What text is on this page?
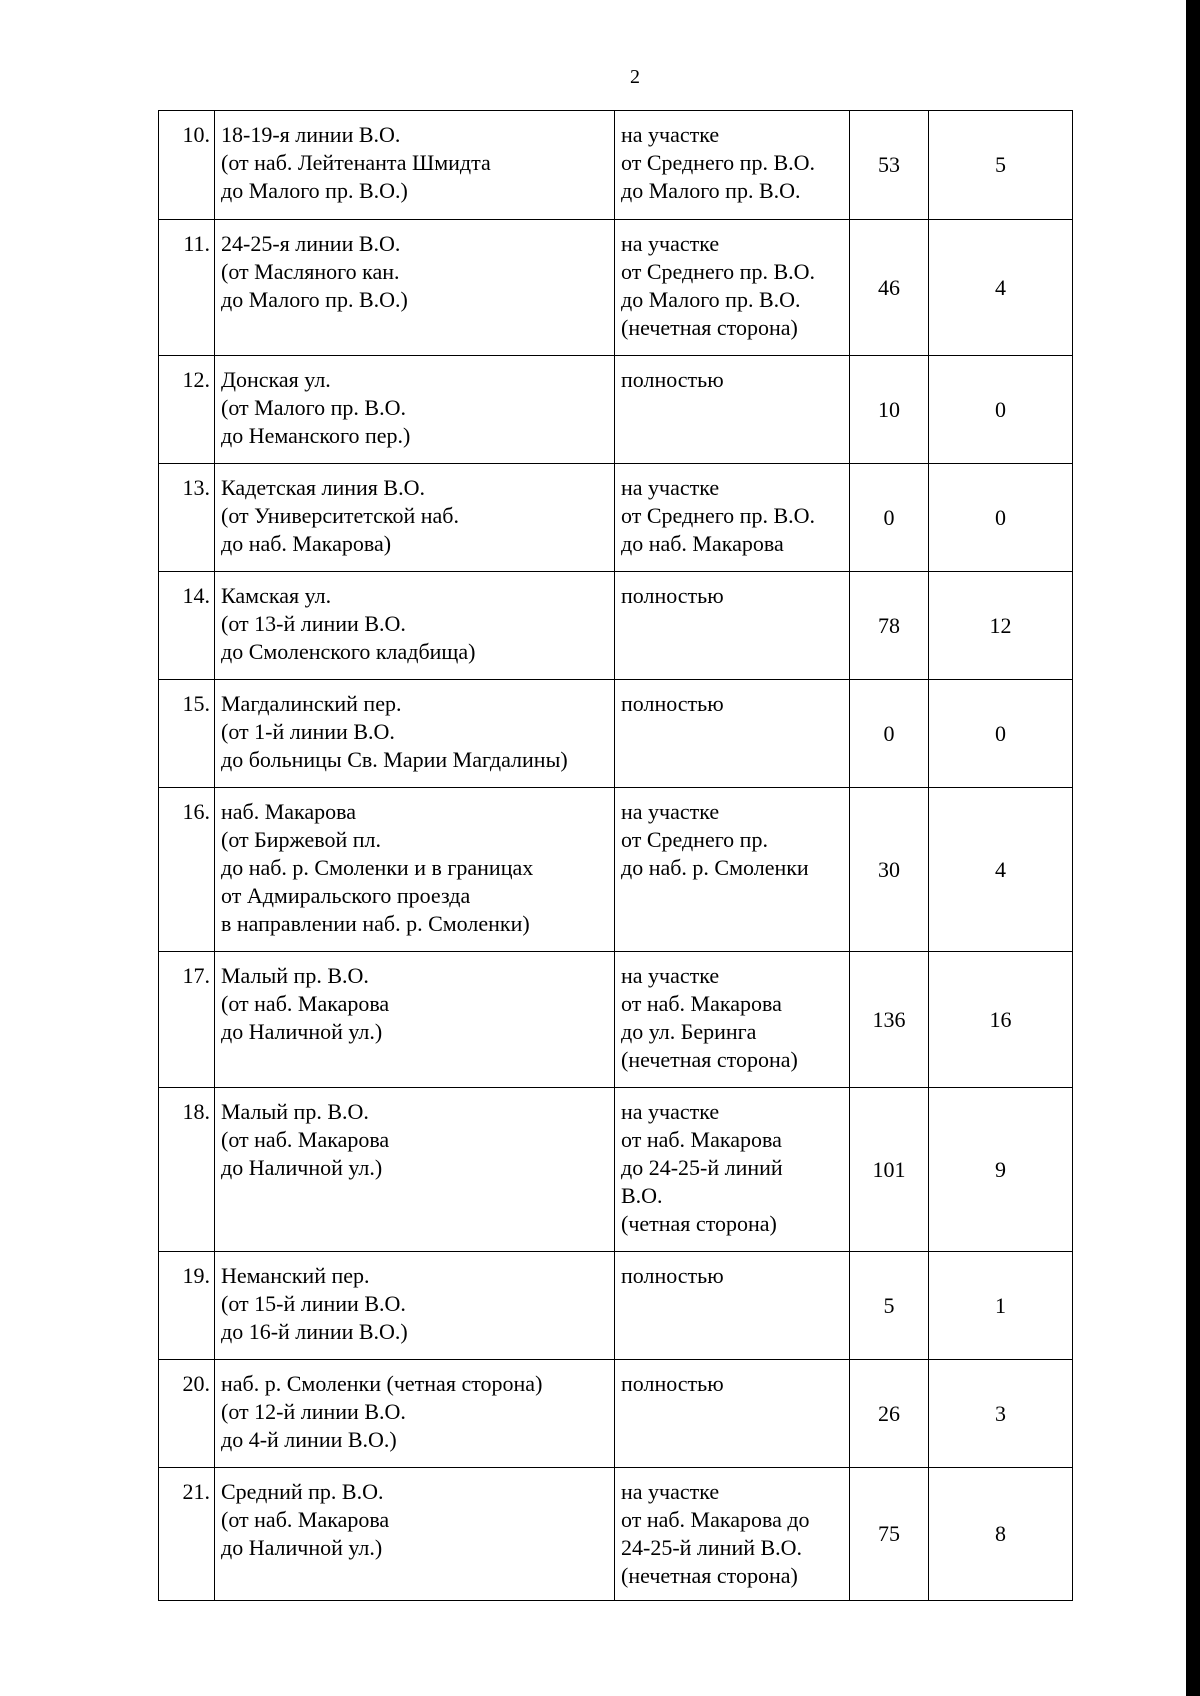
2
10.	18-19-я линии В.О.
(от наб. Лейтенанта Шмидта
до Малого пр. В.О.)	на участке
от Среднего пр. В.О.
до Малого пр. В.О.	53	5
11.	24-25-я линии В.О.
(от Масляного кан.
до Малого пр. В.О.)	на участке
от Среднего пр. В.О.
до Малого пр. В.О.
(нечетная сторона)	46	4
12.	Донская ул.
(от Малого пр. В.О.
до Неманского пер.)	полностью	10	0
13.	Кадетская линия В.О.
(от Университетской наб.
до наб. Макарова)	на участке
от Среднего пр. В.О.
до наб. Макарова	0	0
14.	Камская ул.
(от 13-й линии В.О.
до Смоленского кладбища)	полностью	78	12
15.	Магдалинский пер.
(от 1-й линии В.О.
до больницы Св. Марии Магдалины)	полностью	0	0
16.	наб. Макарова
(от Биржевой пл.
до наб. р. Смоленки и в границах
от Адмиральского проезда
в направлении наб. р. Смоленки)	на участке
от Среднего пр.
до наб. р. Смоленки	30	4
17.	Малый пр. В.О.
(от наб. Макарова
до Наличной ул.)	на участке
от наб. Макарова
до ул. Беринга
(нечетная сторона)	136	16
18.	Малый пр. В.О.
(от наб. Макарова
до Наличной ул.)	на участке
от наб. Макарова
до 24-25-й линий
В.О.
(четная сторона)	101	9
19.	Неманский пер.
(от 15-й линии В.О.
до 16-й линии В.О.)	полностью	5	1
20.	наб. р. Смоленки (четная сторона)
(от 12-й линии В.О.
до 4-й линии В.О.)	полностью	26	3
21.	Средний пр. В.О.
(от наб. Макарова
до Наличной ул.)	на участке
от наб. Макарова до
24-25-й линий В.О.
(нечетная сторона)	75	8
